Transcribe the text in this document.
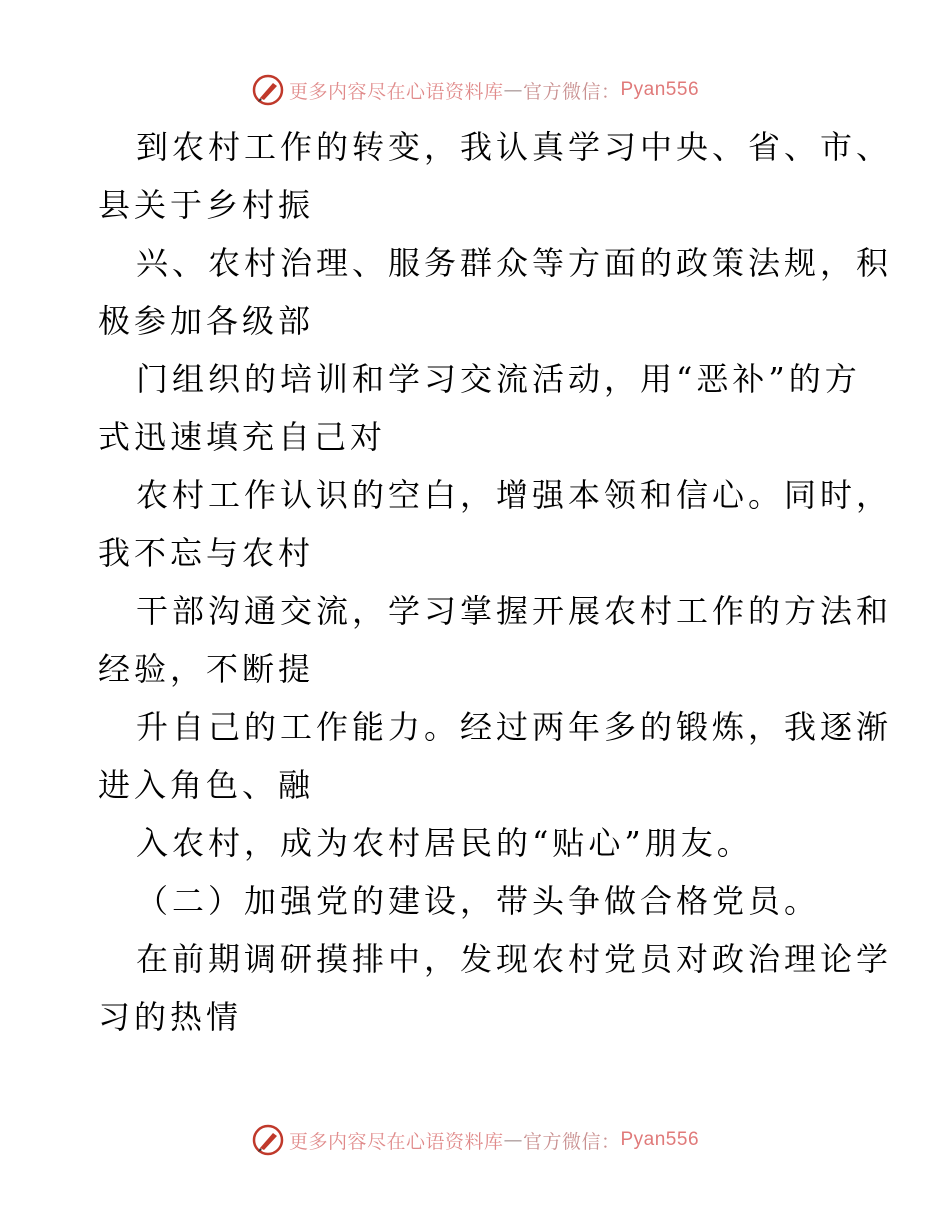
更多内容尽在心语资料库 — 官方微信： Pyan556
到农村工作的转变，我认真学习中央、省、市、
县关于乡村振
兴、农村治理、服务群众等方面的政策法规，积
极参加各级部
门组织的培训和学习交流活动，用“恶补”的方
式迅速填充自己对
农村工作认识的空白，增强本领和信心。同时，
我不忘与农村
干部沟通交流，学习掌握开展农村工作的方法和
经验，不断提
升自己的工作能力。经过两年多的锻炼，我逐渐
进入角色、融
入农村，成为农村居民的“贴心”朋友。
（二）加强党的建设，带头争做合格党员。
在前期调研摸排中，发现农村党员对政治理论学
习的热情
更多内容尽在心语资料库 — 官方微信： Pyan556
